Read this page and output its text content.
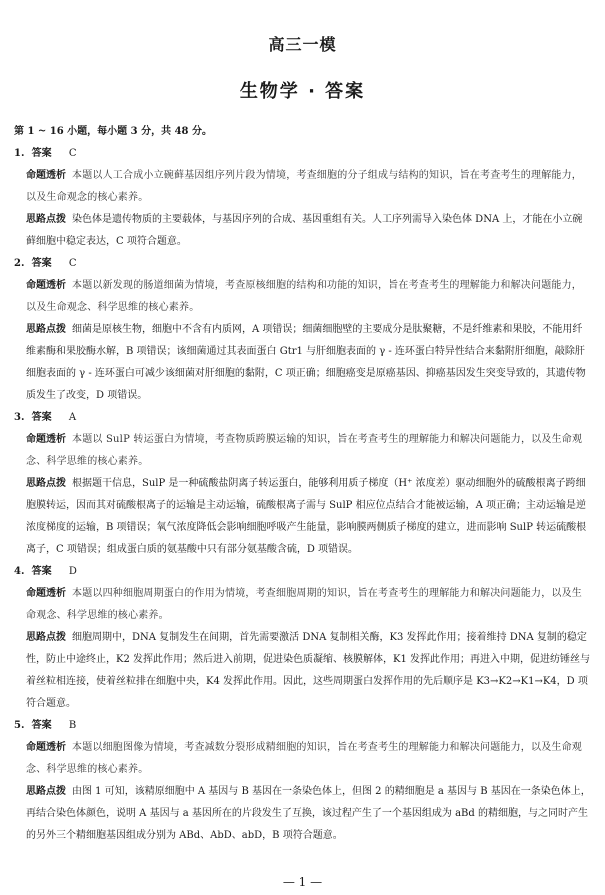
高三一模
生物学 · 答案
第 1 ~ 16 小题，每小题 3 分，共 48 分。
1. 答案 C
命题透析 本题以人工合成小立碗藓基因组序列片段为情境，考查细胞的分子组成与结构的知识，旨在考查考生的理解能力，以及生命观念的核心素养。
思路点拨 染色体是遗传物质的主要载体，与基因序列的合成、基因重组有关。人工序列需导入染色体 DNA 上，才能在小立碗藓细胞中稳定表达，C 项符合题意。
2. 答案 C
命题透析 本题以新发现的肠道细菌为情境，考查原核细胞的结构和功能的知识，旨在考查考生的理解能力和解决问题能力，以及生命观念、科学思维的核心素养。
思路点拨 细菌是原核生物，细胞中不含有内质网，A 项错误；细菌细胞壁的主要成分是肽聚糖，不是纤维素和果胶，不能用纤维素酶和果胶酶水解，B 项错误；该细菌通过其表面蛋白 Gtr1 与肝细胞表面的 γ - 连环蛋白特异性结合来黏附肝细胞，敲除肝细胞表面的 γ - 连环蛋白可减少该细菌对肝细胞的黏附，C 项正确；细胞癌变是原癌基因、抑癌基因发生突变导致的，其遗传物质发生了改变，D 项错误。
3. 答案 A
命题透析 本题以 SulP 转运蛋白为情境，考查物质跨膜运输的知识，旨在考查考生的理解能力和解决问题能力，以及生命观念、科学思维的核心素养。
思路点拨 根据题干信息，SulP 是一种硫酸盐阴离子转运蛋白，能够利用质子梯度（H⁺ 浓度差）驱动细胞外的硫酸根离子跨细胞膜转运，因而其对硫酸根离子的运输是主动运输，硫酸根离子需与 SulP 相应位点结合才能被运输，A 项正确；主动运输是逆浓度梯度的运输，B 项错误；氧气浓度降低会影响细胞呼吸产生能量，影响膜两侧质子梯度的建立，进而影响 SulP 转运硫酸根离子，C 项错误；组成蛋白质的氨基酸中只有部分氨基酸含硫，D 项错误。
4. 答案 D
命题透析 本题以四种细胞周期蛋白的作用为情境，考查细胞周期的知识，旨在考查考生的理解能力和解决问题能力，以及生命观念、科学思维的核心素养。
思路点拨 细胞周期中，DNA 复制发生在间期，首先需要激活 DNA 复制相关酶，K3 发挥此作用；接着维持 DNA 复制的稳定性，防止中途终止，K2 发挥此作用；然后进入前期，促进染色质凝缩、核膜解体，K1 发挥此作用；再进入中期，促进纺锤丝与着丝粒相连接，使着丝粒排在细胞中央，K4 发挥此作用。因此，这些周期蛋白发挥作用的先后顺序是 K3→K2→K1→K4，D 项符合题意。
5. 答案 B
命题透析 本题以细胞图像为情境，考查减数分裂形成精细胞的知识，旨在考查考生的理解能力和解决问题能力，以及生命观念、科学思维的核心素养。
思路点拨 由图 1 可知，该精原细胞中 A 基因与 B 基因在一条染色体上，但图 2 的精细胞是 a 基因与 B 基因在一条染色体上，再结合染色体颜色，说明 A 基因与 a 基因所在的片段发生了互换，该过程产生了一个基因组成为 aBd 的精细胞，与之同时产生的另外三个精细胞基因组成分别为 ABd、AbD、abD，B 项符合题意。
— 1 —
